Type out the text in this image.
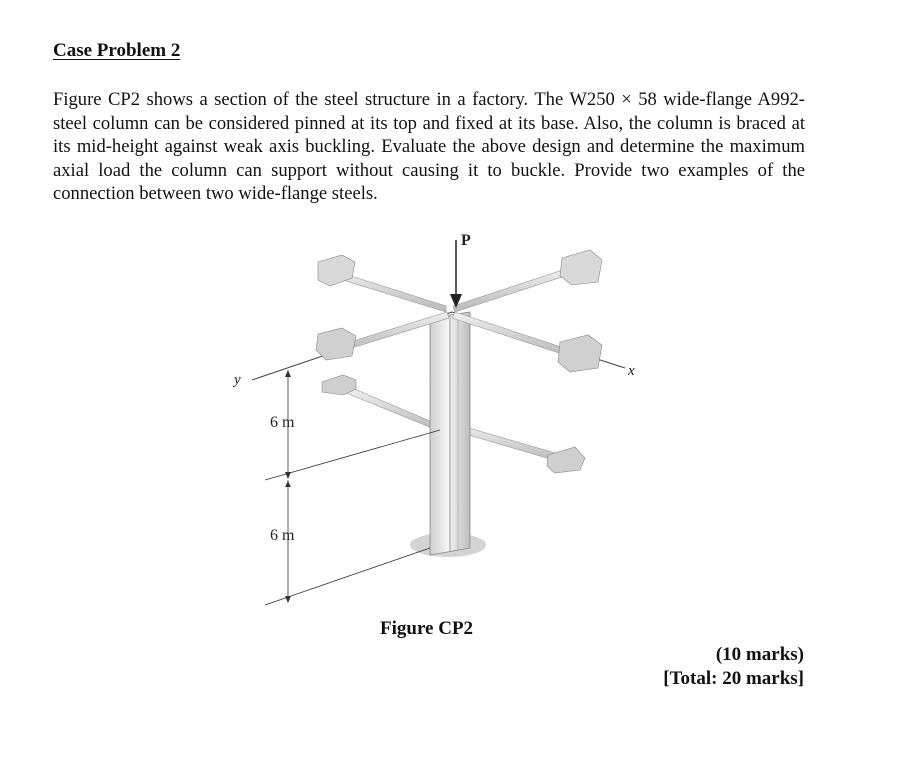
Case Problem 2
Figure CP2 shows a section of the steel structure in a factory. The W250 × 58 wide-flange A992-steel column can be considered pinned at its top and fixed at its base. Also, the column is braced at its mid-height against weak axis buckling. Evaluate the above design and determine the maximum axial load the column can support without causing it to buckle. Provide two examples of the connection between two wide-flange steels.
P
y
x
6 m
6 m
Figure CP2
(10 marks)
[Total: 20 marks]
